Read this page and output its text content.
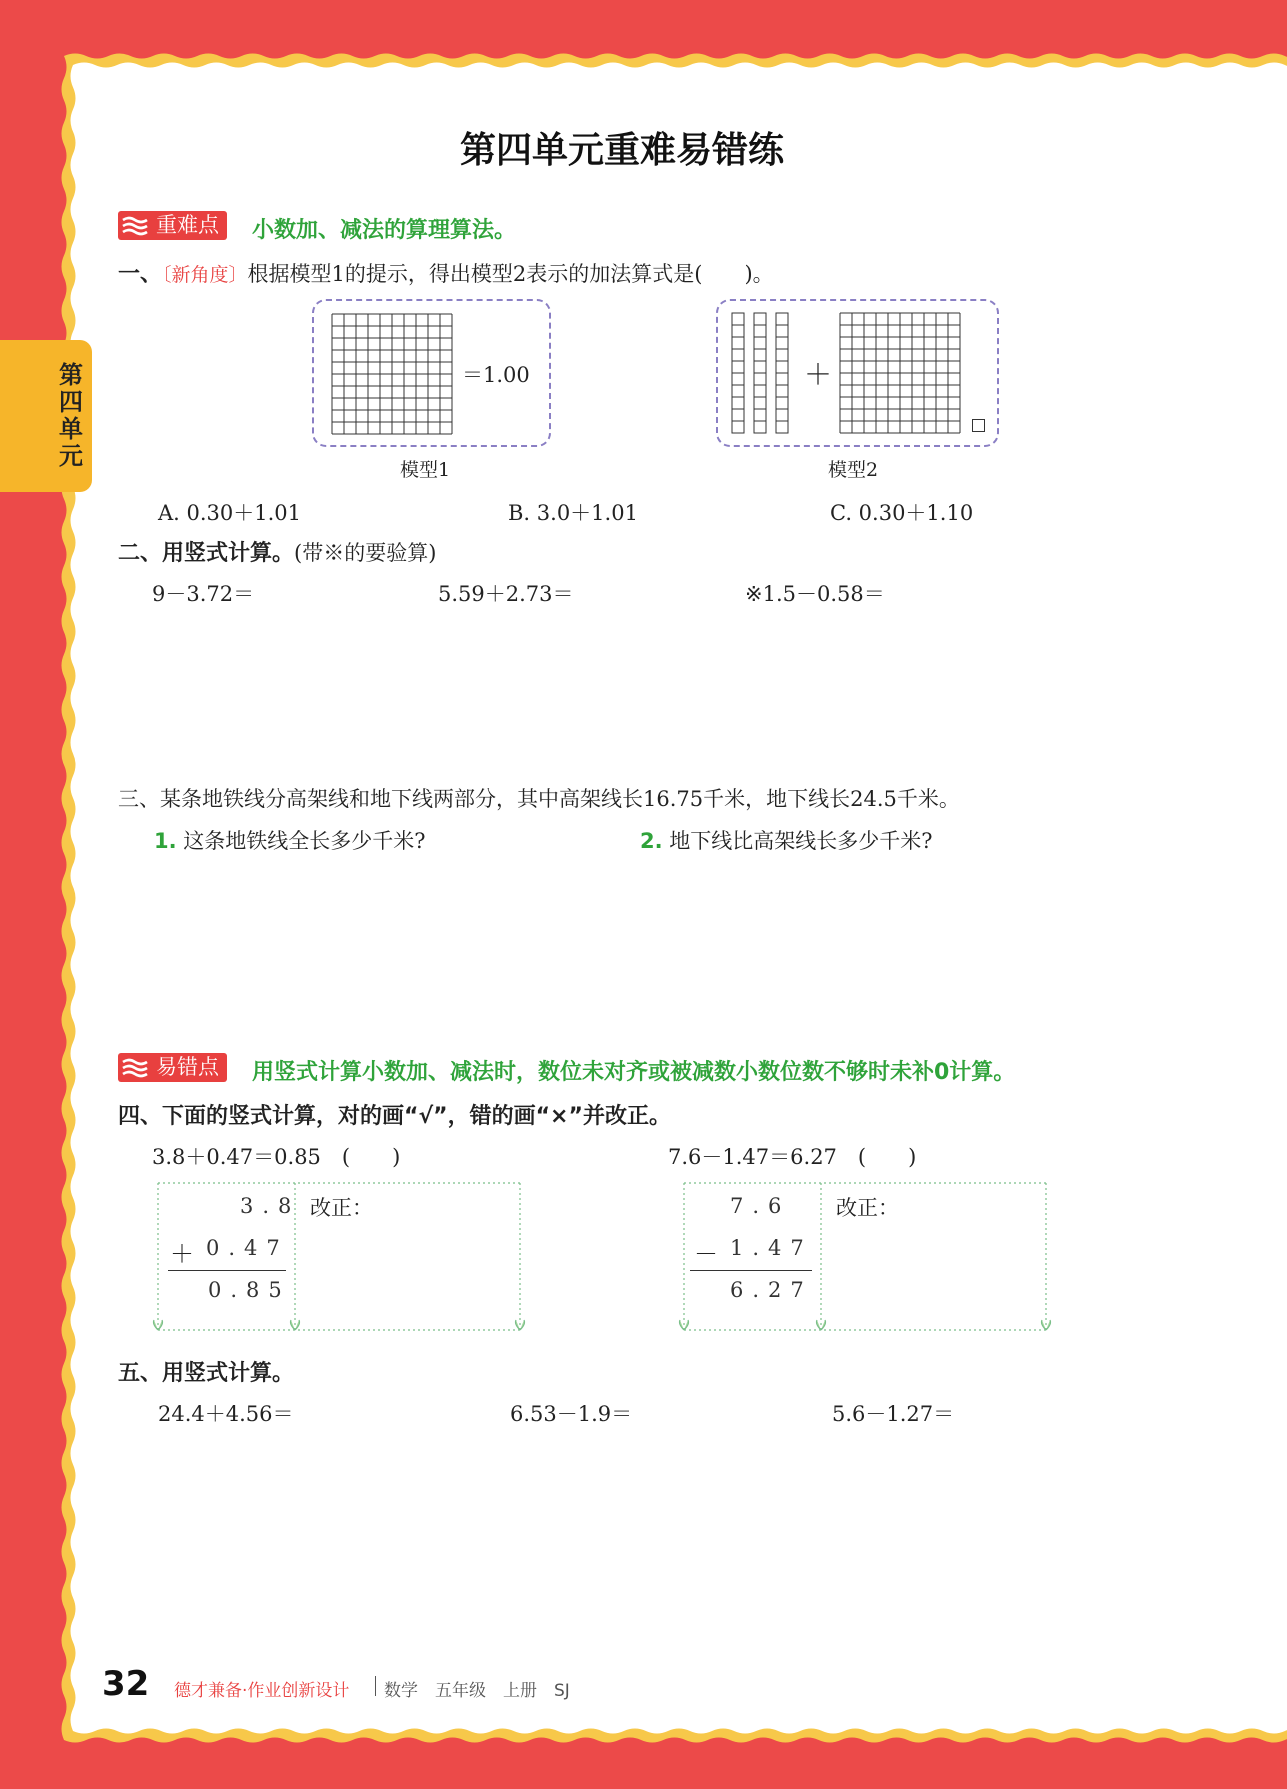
第四单元
第四单元重难易错练
重难点	小数加、减法的算理算法。
一、〔新角度〕根据模型1的提示，得出模型2表示的加法算式是(　　)。
＝1.00
模型1
＋
模型2
A. 0.30＋1.01	B. 3.0＋1.01	C. 0.30＋1.10
二、用竖式计算。(带※的要验算)
9－3.72＝	5.59＋2.73＝	※1.5－0.58＝
三、某条地铁线分高架线和地下线两部分，其中高架线长16.75千米，地下线长24.5千米。
1. 这条地铁线全长多少千米?	2. 地下线比高架线长多少千米?
易错点	用竖式计算小数加、减法时，数位未对齐或被减数小数位数不够时未补0计算。
四、下面的竖式计算，对的画“√”，错的画“×”并改正。
3.8＋0.47＝0.85　(　　)	7.6－1.47＝6.27　(　　)
3.8
＋ 0.47
0.85
改正：	7.6
－ 1.47
6.27
改正：
五、用竖式计算。
24.4＋4.56＝	6.53－1.9＝	5.6－1.27＝
32 德才兼备·作业创新设计 数学　五年级　上册　SJ
